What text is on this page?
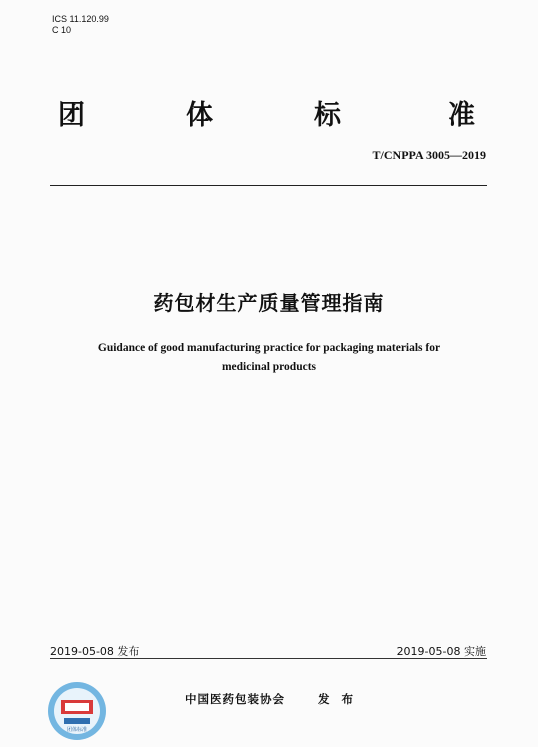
ICS 11.120.99
C 10
团	体	标	准
T/CNPPA 3005—2019
药包材生产质量管理指南
Guidance of good manufacturing practice for packaging materials for
medicinal products
2019-05-08 发布	2019-05-08 实施
团体标准
中国医药包装协会	发 布
